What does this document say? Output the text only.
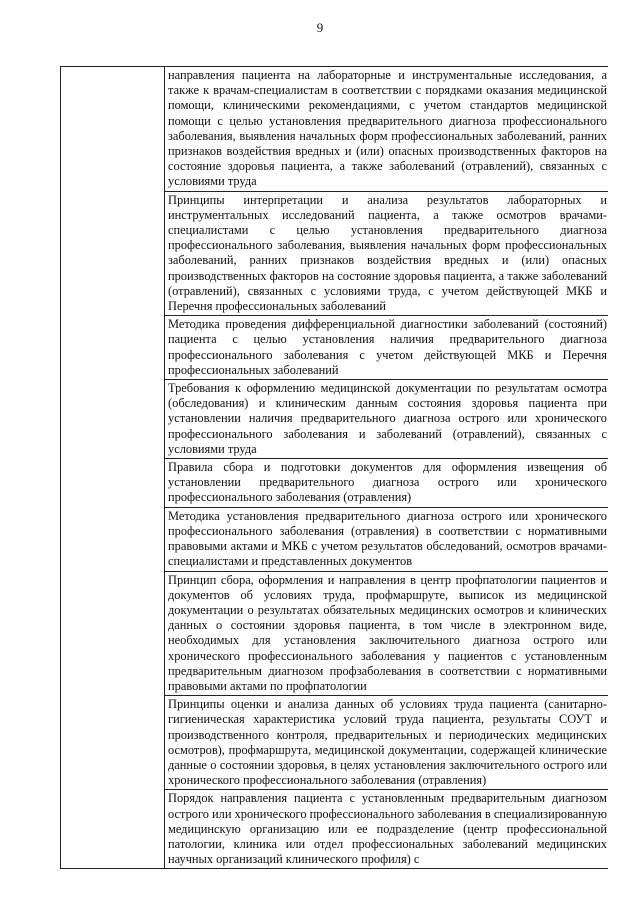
9

направления пациента на лабораторные и инструментальные исследования, а также к врачам-специалистам в соответствии с порядками оказания медицинской помощи, клиническими рекомендациями, с учетом стандартов медицинской помощи с целью установления предварительного диагноза профессионального заболевания, выявления начальных форм профессиональных заболеваний, ранних признаков воздействия вредных и (или) опасных производственных факторов на состояние здоровья пациента, а также заболеваний (отравлений), связанных с условиями труда

Принципы интерпретации и анализа результатов лабораторных и инструментальных исследований пациента, а также осмотров врачами-специалистами с целью установления предварительного диагноза профессионального заболевания, выявления начальных форм профессиональных заболеваний, ранних признаков воздействия вредных и (или) опасных производственных факторов на состояние здоровья пациента, а также заболеваний (отравлений), связанных с условиями труда, с учетом действующей МКБ и Перечня профессиональных заболеваний

Методика проведения дифференциальной диагностики заболеваний (состояний) пациента с целью установления наличия предварительного диагноза профессионального заболевания с учетом действующей МКБ и Перечня профессиональных заболеваний

Требования к оформлению медицинской документации по результатам осмотра (обследования) и клиническим данным состояния здоровья пациента при установлении наличия предварительного диагноза острого или хронического профессионального заболевания и заболеваний (отравлений), связанных с условиями труда

Правила сбора и подготовки документов для оформления извещения об установлении предварительного диагноза острого или хронического профессионального заболевания (отравления)

Методика установления предварительного диагноза острого или хронического профессионального заболевания (отравления) в соответствии с нормативными правовыми актами и МКБ с учетом результатов обследований, осмотров врачами-специалистами и представленных документов

Принцип сбора, оформления и направления в центр профпатологии пациентов и документов об условиях труда, профмаршруте, выписок из медицинской документации о результатах обязательных медицинских осмотров и клинических данных о состоянии здоровья пациента, в том числе в электронном виде, необходимых для установления заключительного диагноза острого или хронического профессионального заболевания у пациентов с установленным предварительным диагнозом профзаболевания в соответствии с нормативными правовыми актами по профпатологии

Принципы оценки и анализа данных об условиях труда пациента (санитарно-гигиеническая характеристика условий труда пациента, результаты СОУТ и производственного контроля, предварительных и периодических медицинских осмотров), профмаршрута, медицинской документации, содержащей клинические данные о состоянии здоровья, в целях установления заключительного острого или хронического профессионального заболевания (отравления)

Порядок направления пациента с установленным предварительным диагнозом острого или хронического профессионального заболевания в специализированную медицинскую организацию или ее подразделение (центр профессиональной патологии, клиника или отдел профессиональных заболеваний медицинских научных организаций клинического профиля) с
